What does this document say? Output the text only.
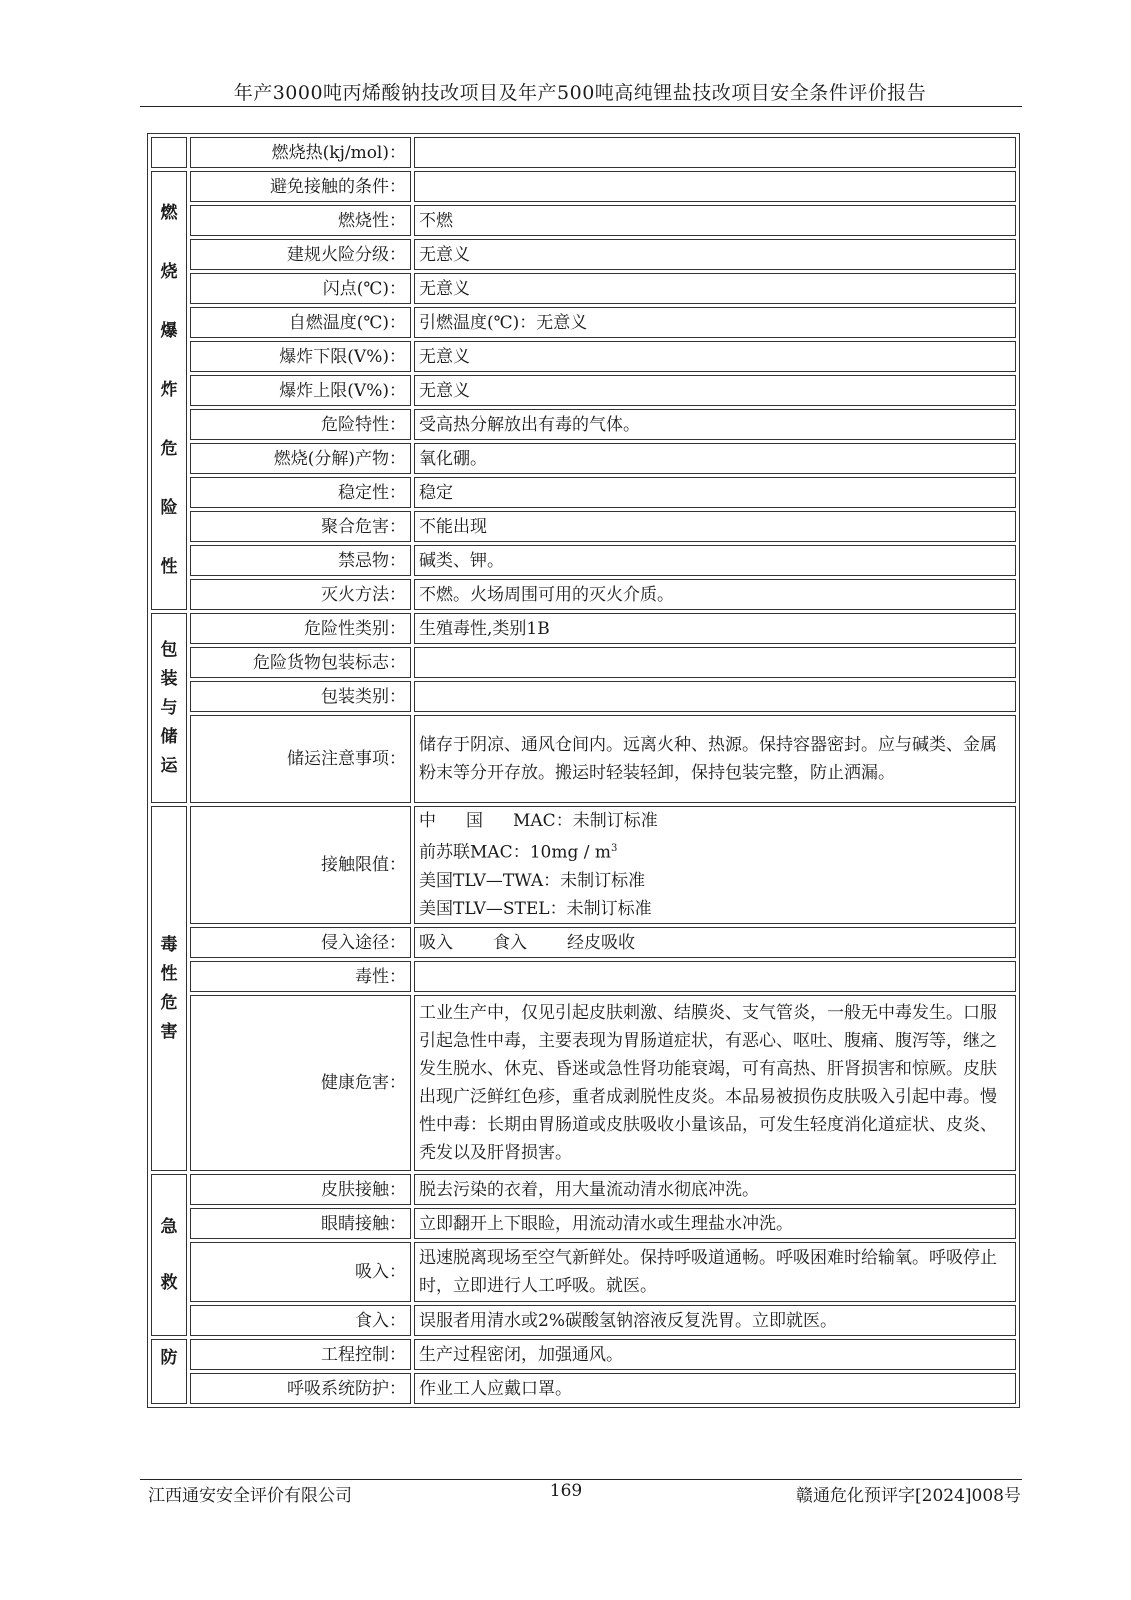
年产3000吨丙烯酸钠技改项目及年产500吨高纯锂盐技改项目安全条件评价报告
	燃烧热(kj/mol)：	
燃烧爆炸危险性	避免接触的条件：	
	燃烧性：	不燃
	建规火险分级：	无意义
	闪点(℃)：	无意义
	自燃温度(℃)：	引燃温度(℃)：无意义
	爆炸下限(V%)：	无意义
	爆炸上限(V%)：	无意义
	危险特性：	受高热分解放出有毒的气体。
	燃烧(分解)产物：	氧化硼。
	稳定性：	稳定
	聚合危害：	不能出现
	禁忌物：	碱类、钾。
	灭火方法：	不燃。火场周围可用的灭火介质。
包装与储运	危险性类别：	生殖毒性,类别1B
	危险货物包装标志：	
	包装类别：	
	储运注意事项：	储存于阴凉、通风仓间内。远离火种、热源。保持容器密封。应与碱类、金属粉末等分开存放。搬运时轻装轻卸，保持包装完整，防止洒漏。
毒性危害	接触限值：	中 国 MAC：未制订标准
前苏联MAC：$10mg / m^3$
美国TLV—TWA：未制订标准
美国TLV—STEL：未制订标准

	侵入途径：	吸入 食入 经皮吸收
	毒性：	
	健康危害：	工业生产中，仅见引起皮肤刺激、结膜炎、支气管炎，一般无中毒发生。口服引起急性中毒，主要表现为胃肠道症状，有恶心、呕吐、腹痛、腹泻等，继之发生脱水、休克、昏迷或急性肾功能衰竭，可有高热、肝肾损害和惊厥。皮肤出现广泛鲜红色疹，重者成剥脱性皮炎。本品易被损伤皮肤吸入引起中毒。慢性中毒：长期由胃肠道或皮肤吸收小量该品，可发生轻度消化道症状、皮炎、秃发以及肝肾损害。
急救	皮肤接触：	脱去污染的衣着，用大量流动清水彻底冲洗。
	眼睛接触：	立即翻开上下眼睑，用流动清水或生理盐水冲洗。
	吸入：	迅速脱离现场至空气新鲜处。保持呼吸道通畅。呼吸困难时给输氧。呼吸停止时，立即进行人工呼吸。就医。
	食入：	误服者用清水或2%碳酸氢钠溶液反复洗胃。立即就医。
防	工程控制：	生产过程密闭，加强通风。
	呼吸系统防护：	作业工人应戴口罩。
江西通安安全评价有限公司	169	赣通危化预评字[2024]008号
